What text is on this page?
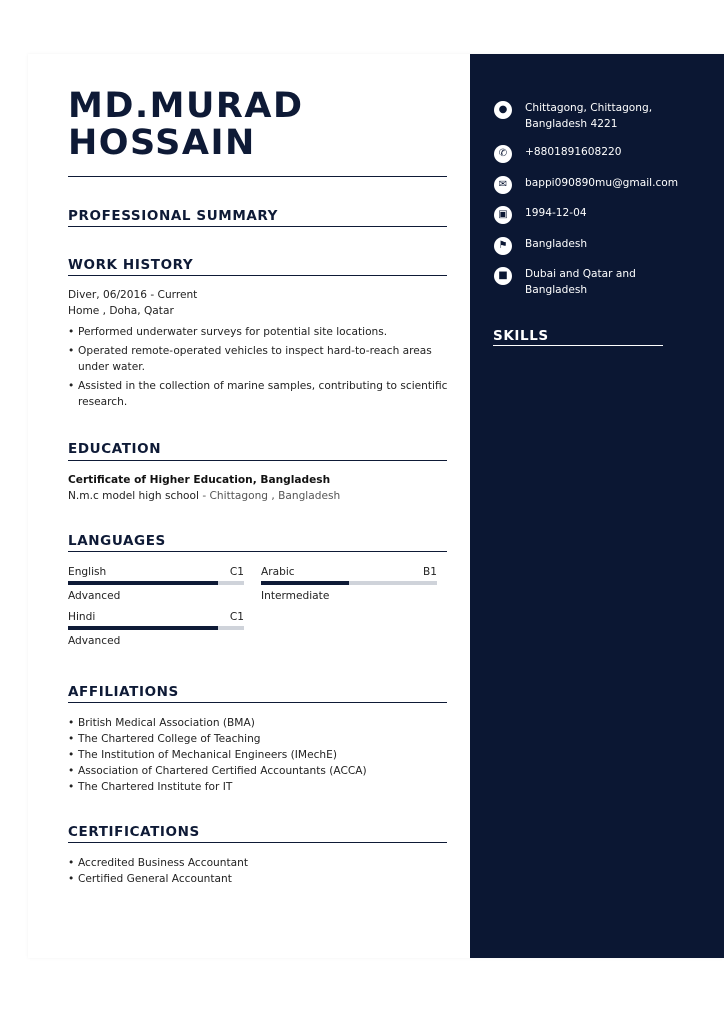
MD.MURAD
HOSSAIN
PROFESSIONAL SUMMARY
WORK HISTORY
Diver, 06/2016 - Current
Home , Doha, Qatar
• Performed underwater surveys for potential site locations.
• Operated remote-operated vehicles to inspect hard-to-reach areas under water.
• Assisted in the collection of marine samples, contributing to scientific research.
EDUCATION
Certificate of Higher Education, Bangladesh
N.m.c model high school - Chittagong , Bangladesh
LANGUAGES
English	C1
Advanced
Arabic	B1
Intermediate
Hindi	C1
Advanced
AFFILIATIONS
• British Medical Association (BMA)
• The Chartered College of Teaching
• The Institution of Mechanical Engineers (IMechE)
• Association of Chartered Certified Accountants (ACCA)
• The Chartered Institute for IT
CERTIFICATIONS
• Accredited Business Accountant
• Certified General Accountant
●	Chittagong, Chittagong,
Bangladesh 4221
✆	+8801891608220
✉	bappi090890mu@gmail.com
▣	1994-12-04
⚑	Bangladesh
■	Dubai and Qatar and
Bangladesh
SKILLS
